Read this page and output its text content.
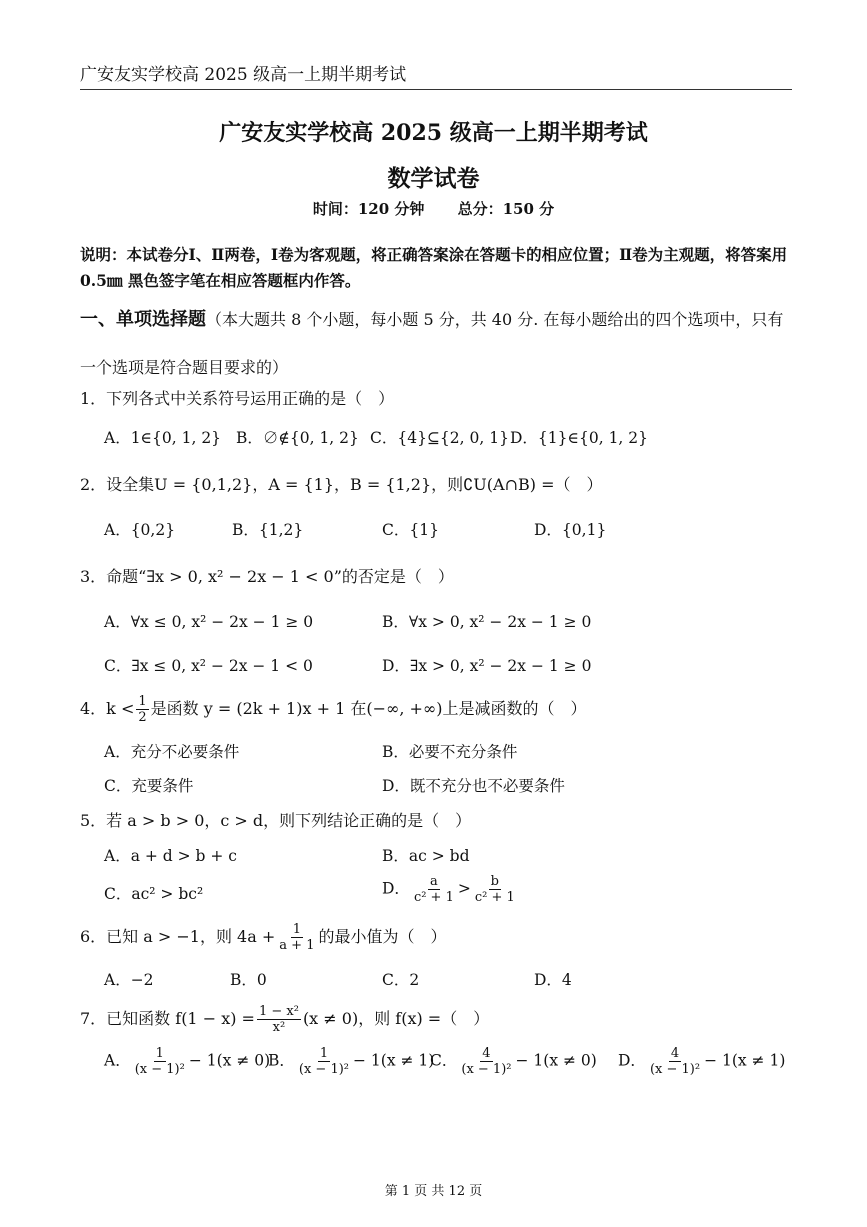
广安友实学校高 2025 级高一上期半期考试
广安友实学校高 2025 级高一上期半期考试
数学试卷
时间：120 分钟 总分：150 分
说明：本试卷分Ⅰ、Ⅱ两卷，Ⅰ卷为客观题，将正确答案涂在答题卡的相应位置；Ⅱ卷为主观题，将答案用 0.5㎜ 黑色签字笔在相应答题框内作答。
一、单项选择题（本大题共 8 个小题，每小题 5 分，共 40 分. 在每小题给出的四个选项中，只有一个选项是符合题目要求的）
1．下列各式中关系符号运用正确的是（　）
A．1∈{0, 1, 2} B．∅∉{0, 1, 2} C．{4}⊆{2, 0, 1} D．{1}∈{0, 1, 2}
2．设全集U = {0,1,2}，A = {1}，B = {1,2}，则∁U(A∩B) =（　）
A．{0,2}	B．{1,2}	C．{1}	D．{0,1}
3．命题“∃x > 0, x² − 2x − 1 < 0”的否定是（　）
A．∀x ≤ 0, x² − 2x − 1 ≥ 0	B．∀x > 0, x² − 2x − 1 ≥ 0
C．∃x ≤ 0, x² − 2x − 1 < 0	D．∃x > 0, x² − 2x − 1 ≥ 0
4．$k < \frac{1}{2}$ 是函数 y = (2k + 1)x + 1 在(−∞, +∞)上是减函数的（　）
A．充分不必要条件	B．必要不充分条件
C．充要条件	D．既不充分也不必要条件
5．若 a > b > 0，c > d，则下列结论正确的是（　）
A．a + d > b + c	B．ac > bd
C．ac² > bc²	D． $\frac{a}{\text{c² + 1}} > \frac{b}{\text{c² + 1}}$
6．已知 a > −1，则 $4a + \frac{1}{a + 1}$ 的最小值为（　）
A．−2	B．0	C．2	D．4
7．已知函数 $f(1 - x) = \frac{\text{1 − x²}}{\text{x²}} (x \ne 0)$，则 f(x) =（　）
A． $\frac{1}{\text{(x − 1)²}} - 1(x \ne 0)$
B． $\frac{1}{\text{(x − 1)²}} - 1(x \ne 1)$
C． $\frac{4}{\text{(x − 1)²}} - 1(x \ne 0)$ D． $\frac{4}{\text{(x − 1)²}} - 1(x \ne 1)$
第 1 页 共 12 页
